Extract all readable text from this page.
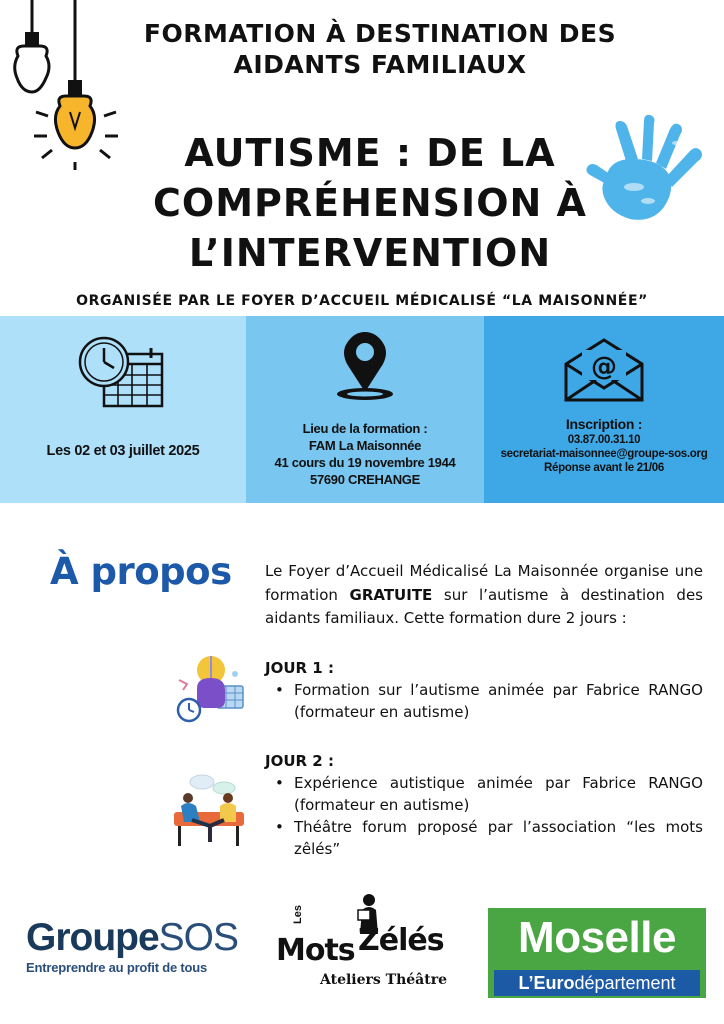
FORMATION À DESTINATION DES
AIDANTS FAMILIAUX
AUTISME : DE LA
COMPRÉHENSION À
L’INTERVENTION
ORGANISÉE PAR LE FOYER D’ACCUEIL MÉDICALISÉ “LA MAISONNÉE”
Les 02 et 03 juillet 2025
Lieu de la formation :
FAM La Maisonnée
41 cours du 19 novembre 1944
57690 CREHANGE
@
Inscription :
03.87.00.31.10
secretariat-maisonnee@groupe-sos.org
Réponse avant le 21/06
À propos Le Foyer d’Accueil Médicalisé La Maisonnée organise une formation GRATUITE sur l’autisme à destination des aidants familiaux. Cette formation dure 2 jours :
JOUR 1 :
• Formation sur l’autisme animée par Fabrice RANGO (formateur en autisme)
JOUR 2 :
• Expérience autistique animée par Fabrice RANGO (formateur en autisme)
• Théâtre forum proposé par l’association “les mots zêlés”
GroupeSOS
Entreprendre au profit de tous
Les
Mots Zélés
Ateliers Théâtre
Moselle
L’Eurodépartement
